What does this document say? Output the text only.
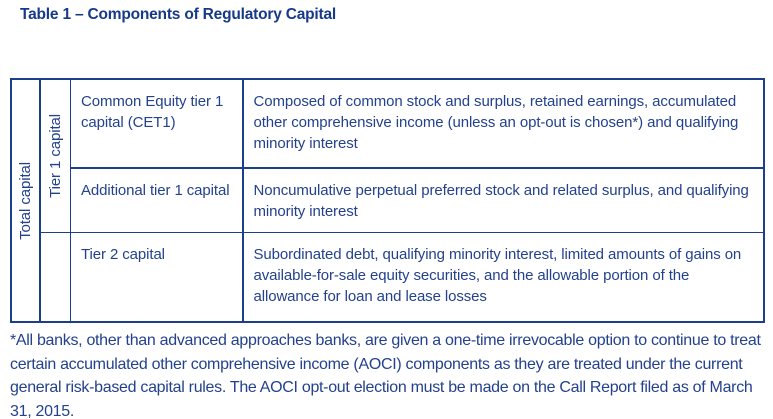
Table 1 – Components of Regulatory Capital
Total capital
Tier 1 capital
Common Equity tier 1 capital (CET1)
Composed of common stock and surplus, retained earnings, accumulated other comprehensive income (unless an opt-out is chosen*) and qualifying minority interest
Additional tier 1 capital	Noncumulative perpetual preferred stock and related surplus, and qualifying minority interest
Tier 2 capital	Subordinated debt, qualifying minority interest, limited amounts of gains on available-for-sale equity securities, and the allowable portion of the allowance for loan and lease losses
*All banks, other than advanced approaches banks, are given a one-time irrevocable option to continue to treat certain accumulated other comprehensive income (AOCI) components as they are treated under the current general risk-based capital rules. The AOCI opt-out election must be made on the Call Report filed as of March 31, 2015.
